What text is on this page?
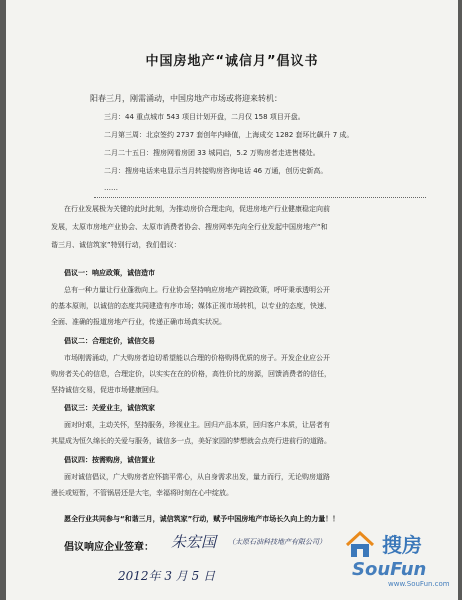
中国房地产“诚信月”倡议书
阳春三月，刚需涌动，中国房地产市场或将迎来转机：
三月：44 重点城市 543 项目计划开盘，二月仅 158 项目开盘。
二月第三周：北京签约 2737 套创年内峰值，上海成交 1282 套环比飙升 7 成。
二月二十五日：搜房网看房团 33 城同启，5.2 万购房者走进售楼处。
二月：搜房电话来电显示当月转接购房咨询电话 46 万通，创历史新高。
……
在行业发展极为关键的此时此刻，为推动房价合理走向，促进房地产行业健康稳定向前
发展，太原市房地产业协会、太原市消费者协会、搜房网率先向全行业发起中国房地产“和
谐三月、诚信筑家”特别行动，我们倡议：
倡议一：响应政策，诚信造市
总有一种力量让行业蓬勃向上。行业协会坚持响应房地产调控政策，呼吁秉承透明公开
的基本原则，以诚信的态度共同建造有序市场；媒体正视市场转机，以专业的态度，快速、
全面、准确的报道房地产行业，传递正确市场真实状况。
倡议二：合理定价，诚信交易
市场刚需涌动，广大购房者迫切希望能以合理的价格购得优质的房子。开发企业应公开
购房者关心的信息，合理定价，以实实在在的价格，高性价比的房源，回馈消费者的信任，
坚持诚信交易，促进市场健康回归。
倡议三：关爱业主，诚信筑家
面对时艰，主动关怀，坚持服务，珍视业主。回归产品本质，回归客户本质，让居者有
其屋成为恒久绵长的关爱与服务，诚信多一点，美好家园的梦想就会点亮行进前行的道路。
倡议四：按需购房，诚信置业
面对诚信倡议，广大购房者应怀揣平常心，从自身需求出发，量力而行，无论购房道路
漫长或短暂，不管锅居还是大宅，幸福将时刻在心中绽放。
愿全行业共同参与“和谐三月，诚信筑家”行动，赋予中国房地产市场长久向上的力量！！
倡议响应企业签章： 朱宏国 （太原石油科技地产有限公司）
2012年 3 月 5 日
搜房
SouFun
www.SouFun.com
